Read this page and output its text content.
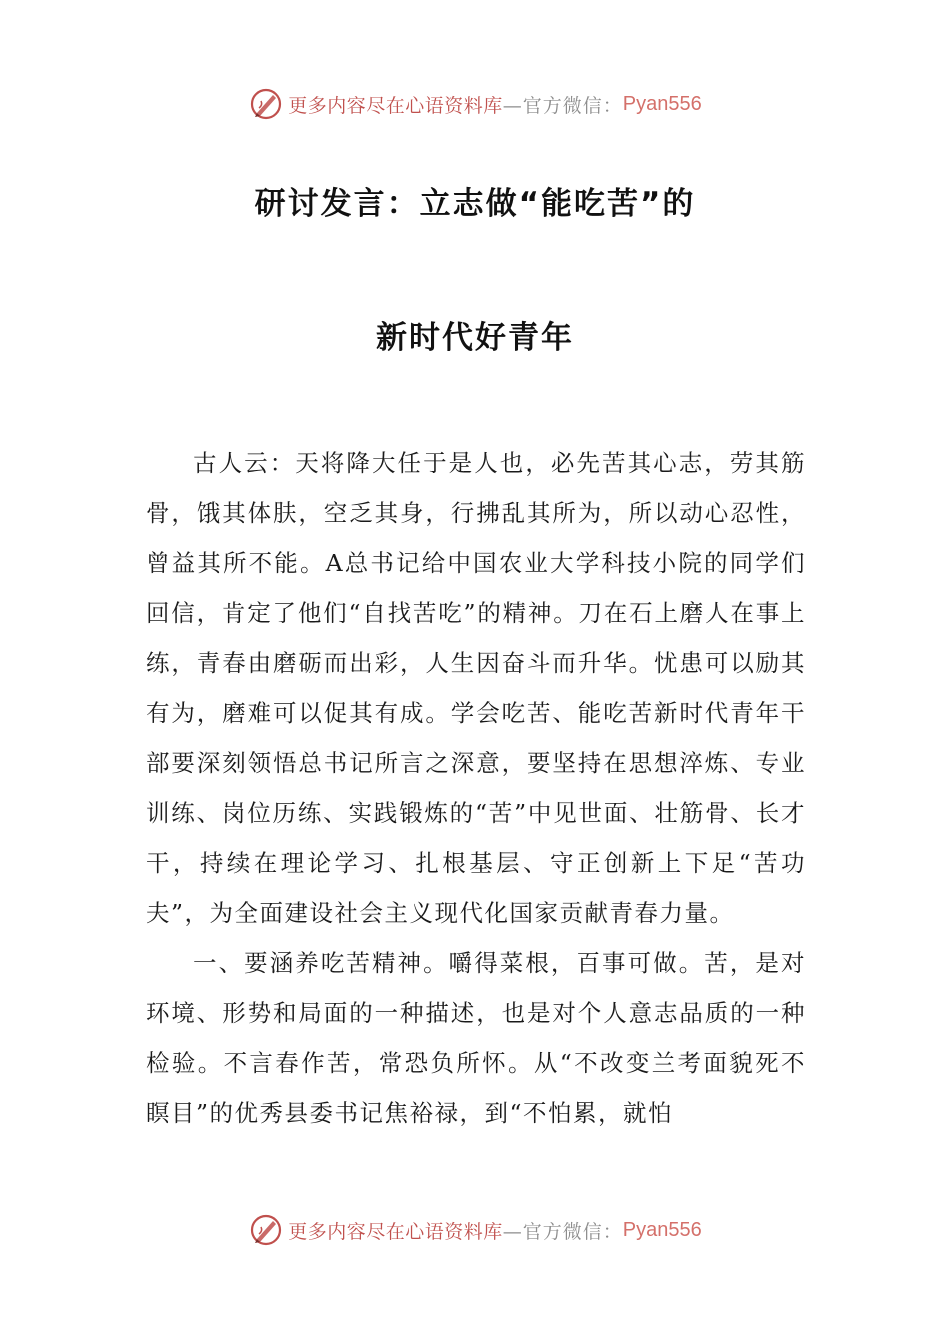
更多内容尽在心语资料库 —官方微信： Pyan556
研讨发言：立志做“能吃苦”的
新时代好青年

古人云：天将降大任于是人也，必先苦其心志，劳其筋骨，饿其体肤，空乏其身，行拂乱其所为，所以动心忍性，曾益其所不能。A总书记给中国农业大学科技小院的同学们回信，肯定了他们“自找苦吃”的精神。刀在石上磨人在事上练，青春由磨砺而出彩，人生因奋斗而升华。忧患可以励其有为，磨难可以促其有成。学会吃苦、能吃苦新时代青年干部要深刻领悟总书记所言之深意，要坚持在思想淬炼、专业训练、岗位历练、实践锻炼的“苦”中见世面、壮筋骨、长才干，持续在理论学习、扎根基层、守正创新上下足“苦功夫”，为全面建设社会主义现代化国家贡献青春力量。

一、要涵养吃苦精神。嚼得菜根，百事可做。苦，是对环境、形势和局面的一种描述，也是对个人意志品质的一种检验。不言春作苦，常恐负所怀。从“不改变兰考面貌死不瞑目”的优秀县委书记焦裕禄，到“不怕累，就怕

更多内容尽在心语资料库 —官方微信： Pyan556
